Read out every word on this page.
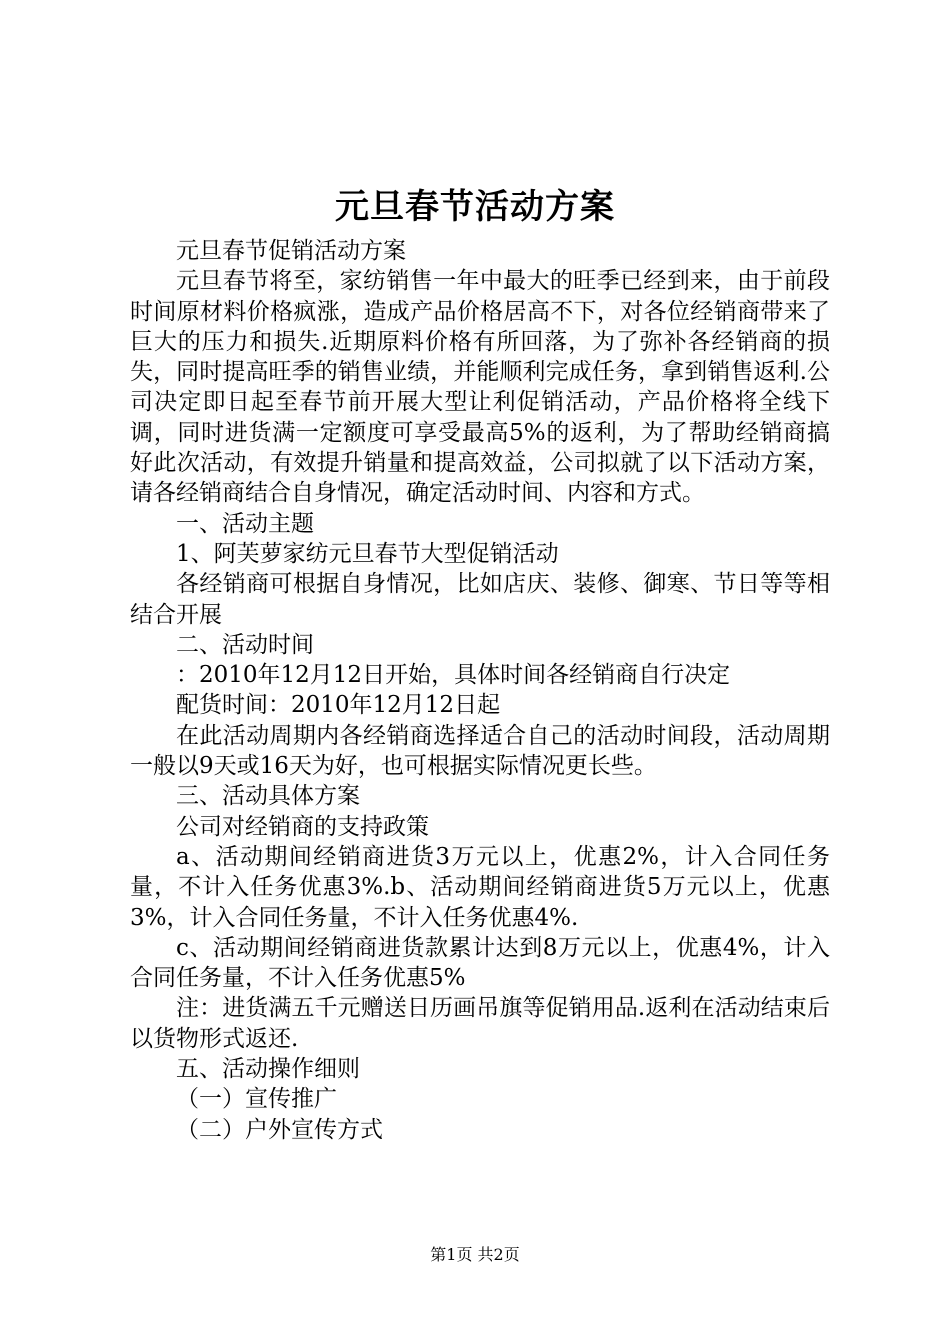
元旦春节活动方案

元旦春节促销活动方案

元旦春节将至，家纺销售一年中最大的旺季已经到来，由于前段时间原材料价格疯涨，造成产品价格居高不下，对各位经销商带来了巨大的压力和损失.近期原料价格有所回落，为了弥补各经销商的损失，同时提高旺季的销售业绩，并能顺利完成任务，拿到销售返利.公司决定即日起至春节前开展大型让利促销活动，产品价格将全线下调，同时进货满一定额度可享受最高5%的返利，为了帮助经销商搞好此次活动，有效提升销量和提高效益，公司拟就了以下活动方案，请各经销商结合自身情况，确定活动时间、内容和方式。

一、活动主题

1、阿芙萝家纺元旦春节大型促销活动

各经销商可根据自身情况，比如店庆、装修、御寒、节日等等相结合开展

二、活动时间

：2010年12月12日开始，具体时间各经销商自行决定

配货时间：2010年12月12日起

在此活动周期内各经销商选择适合自己的活动时间段，活动周期一般以9天或16天为好，也可根据实际情况更长些。

三、活动具体方案

公司对经销商的支持政策

a、活动期间经销商进货3万元以上，优惠2%，计入合同任务量，不计入任务优惠3%.b、活动期间经销商进货5万元以上，优惠3%，计入合同任务量，不计入任务优惠4%.

c、活动期间经销商进货款累计达到8万元以上，优惠4%，计入合同任务量，不计入任务优惠5%

注：进货满五千元赠送日历画吊旗等促销用品.返利在活动结束后以货物形式返还.

五、活动操作细则

（一）宣传推广

（二）户外宣传方式

第1页 共2页
